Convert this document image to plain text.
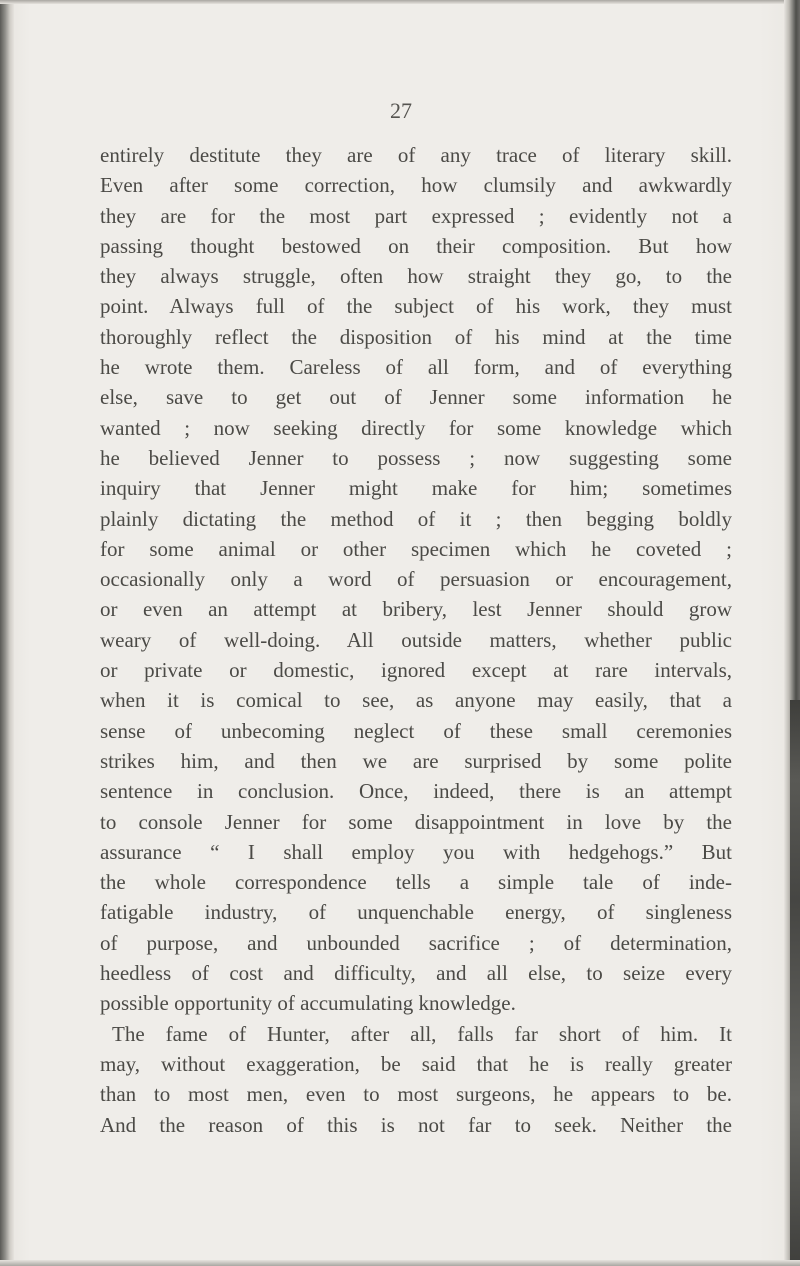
27
entirely destitute they are of any trace of literary skill.
Even after some correction, how clumsily and awkwardly
they are for the most part expressed ; evidently not a
passing thought bestowed on their composition. But how
they always struggle, often how straight they go, to the
point. Always full of the subject of his work, they must
thoroughly reflect the disposition of his mind at the time
he wrote them. Careless of all form, and of everything
else, save to get out of Jenner some information he
wanted ; now seeking directly for some knowledge which
he believed Jenner to possess ; now suggesting some
inquiry that Jenner might make for him; sometimes
plainly dictating the method of it ; then begging boldly
for some animal or other specimen which he coveted ;
occasionally only a word of persuasion or encouragement,
or even an attempt at bribery, lest Jenner should grow
weary of well-doing. All outside matters, whether public
or private or domestic, ignored except at rare intervals,
when it is comical to see, as anyone may easily, that a
sense of unbecoming neglect of these small ceremonies
strikes him, and then we are surprised by some polite
sentence in conclusion. Once, indeed, there is an attempt
to console Jenner for some disappointment in love by the
assurance “ I shall employ you with hedgehogs.” But
the whole correspondence tells a simple tale of inde-
fatigable industry, of unquenchable energy, of singleness
of purpose, and unbounded sacrifice ; of determination,
heedless of cost and difficulty, and all else, to seize every
possible opportunity of accumulating knowledge.
The fame of Hunter, after all, falls far short of him. It
may, without exaggeration, be said that he is really greater
than to most men, even to most surgeons, he appears to be.
And the reason of this is not far to seek. Neither the
